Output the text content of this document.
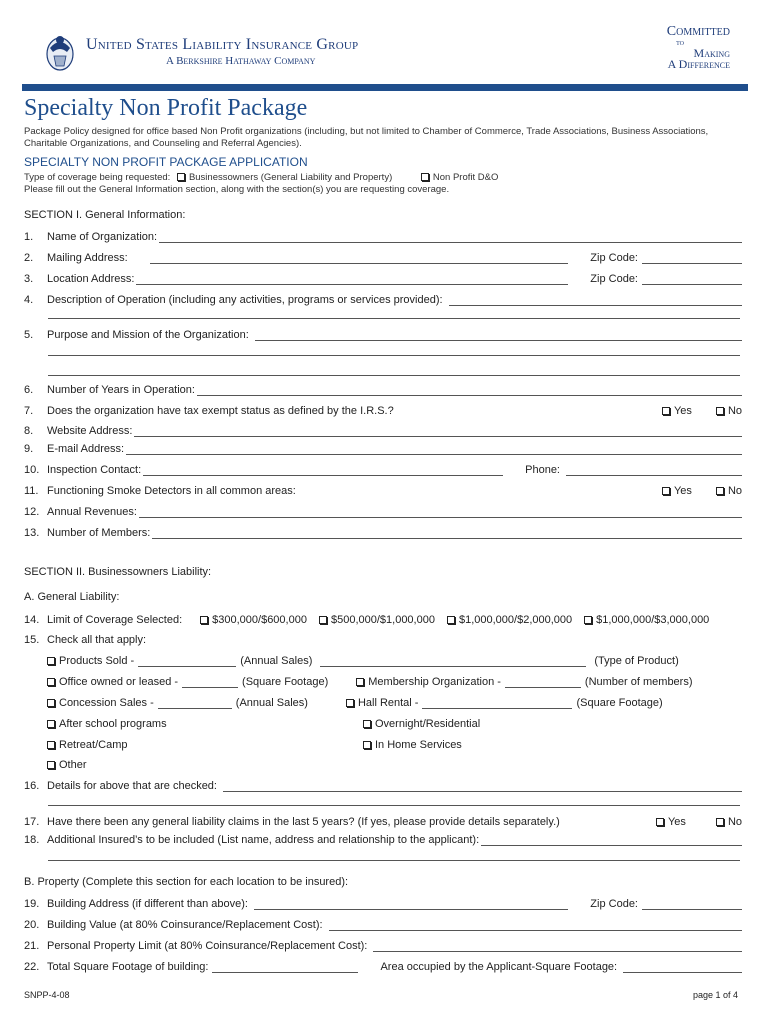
United States Liability Insurance Group
A Berkshire Hathaway Company
Committed
to
Making
A Difference
Specialty Non Profit Package
Package Policy designed for office based Non Profit organizations (including, but not limited to Chamber of Commerce, Trade Associations, Business Associations, Charitable Organizations, and Counseling and Referral Agencies).
SPECIALTY NON PROFIT PACKAGE APPLICATION
Type of coverage being requested: Businessowners (General Liability and Property)	Non Profit D&O
Please fill out the General Information section, along with the section(s) you are requesting coverage.
SECTION I. General Information:
1.	Name of Organization:
2.	Mailing Address:	Zip Code:
3.	Location Address:	Zip Code:
4.	Description of Operation (including any activities, programs or services provided):
5.	Purpose and Mission of the Organization:
6.	Number of Years in Operation:
7.	Does the organization have tax exempt status as defined by the I.R.S.?	Yes	No
8.	Website Address:
9.	E-mail Address:
10. Inspection Contact:	Phone:
11. Functioning Smoke Detectors in all common areas:	Yes	No
12. Annual Revenues:
13. Number of Members:
SECTION II. Businessowners Liability:
A. General Liability:
14. Limit of Coverage Selected:	$300,000/$600,000	$500,000/$1,000,000	$1,000,000/$2,000,000	$1,000,000/$3,000,000
15. Check all that apply:
Products Sold -	(Annual Sales)	(Type of Product)
Office owned or leased -	(Square Footage)	Membership Organization -	(Number of members)
Concession Sales -	(Annual Sales)	Hall Rental -	(Square Footage)
After school programs	Overnight/Residential
Retreat/Camp	In Home Services
Other
16. Details for above that are checked:
17. Have there been any general liability claims in the last 5 years? (If yes, please provide details separately.)	Yes	No
18. Additional Insured’s to be included (List name, address and relationship to the applicant):
B. Property (Complete this section for each location to be insured):
19. Building Address (if different than above):	Zip Code:
20. Building Value (at 80% Coinsurance/Replacement Cost):
21. Personal Property Limit (at 80% Coinsurance/Replacement Cost):
22. Total Square Footage of building:	Area occupied by the Applicant-Square Footage:
SNPP-4-08	page 1 of 4
